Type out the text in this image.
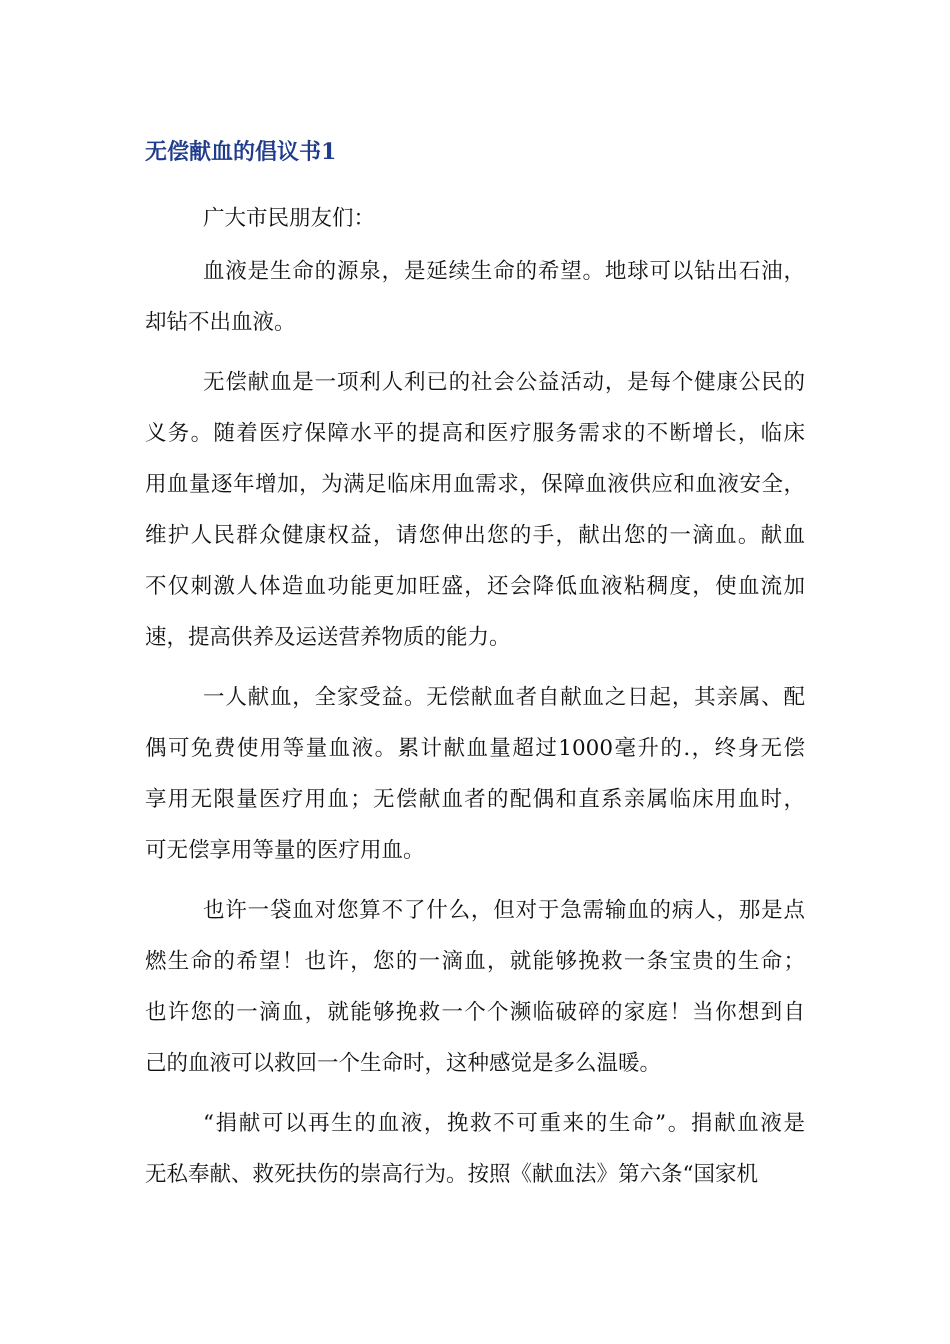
无偿献血的倡议书1

广大市民朋友们：

血液是生命的源泉，是延续生命的希望。地球可以钻出石油，
却钻不出血液。

无偿献血是一项利人利已的社会公益活动，是每个健康公民的
义务。随着医疗保障水平的提高和医疗服务需求的不断增长，临床
用血量逐年增加，为满足临床用血需求，保障血液供应和血液安全，
维护人民群众健康权益，请您伸出您的手，献出您的一滴血。献血
不仅刺激人体造血功能更加旺盛，还会降低血液粘稠度，使血流加
速，提高供养及运送营养物质的能力。

一人献血，全家受益。无偿献血者自献血之日起，其亲属、配
偶可免费使用等量血液。累计献血量超过1000毫升的.，终身无偿
享用无限量医疗用血；无偿献血者的配偶和直系亲属临床用血时，
可无偿享用等量的医疗用血。

也许一袋血对您算不了什么，但对于急需输血的病人，那是点
燃生命的希望！也许，您的一滴血，就能够挽救一条宝贵的生命；
也许您的一滴血，就能够挽救一个个濒临破碎的家庭！当你想到自
己的血液可以救回一个生命时，这种感觉是多么温暖。

“捐献可以再生的血液，挽救不可重来的生命”。捐献血液是
无私奉献、救死扶伤的崇高行为。按照《献血法》第六条“国家机
